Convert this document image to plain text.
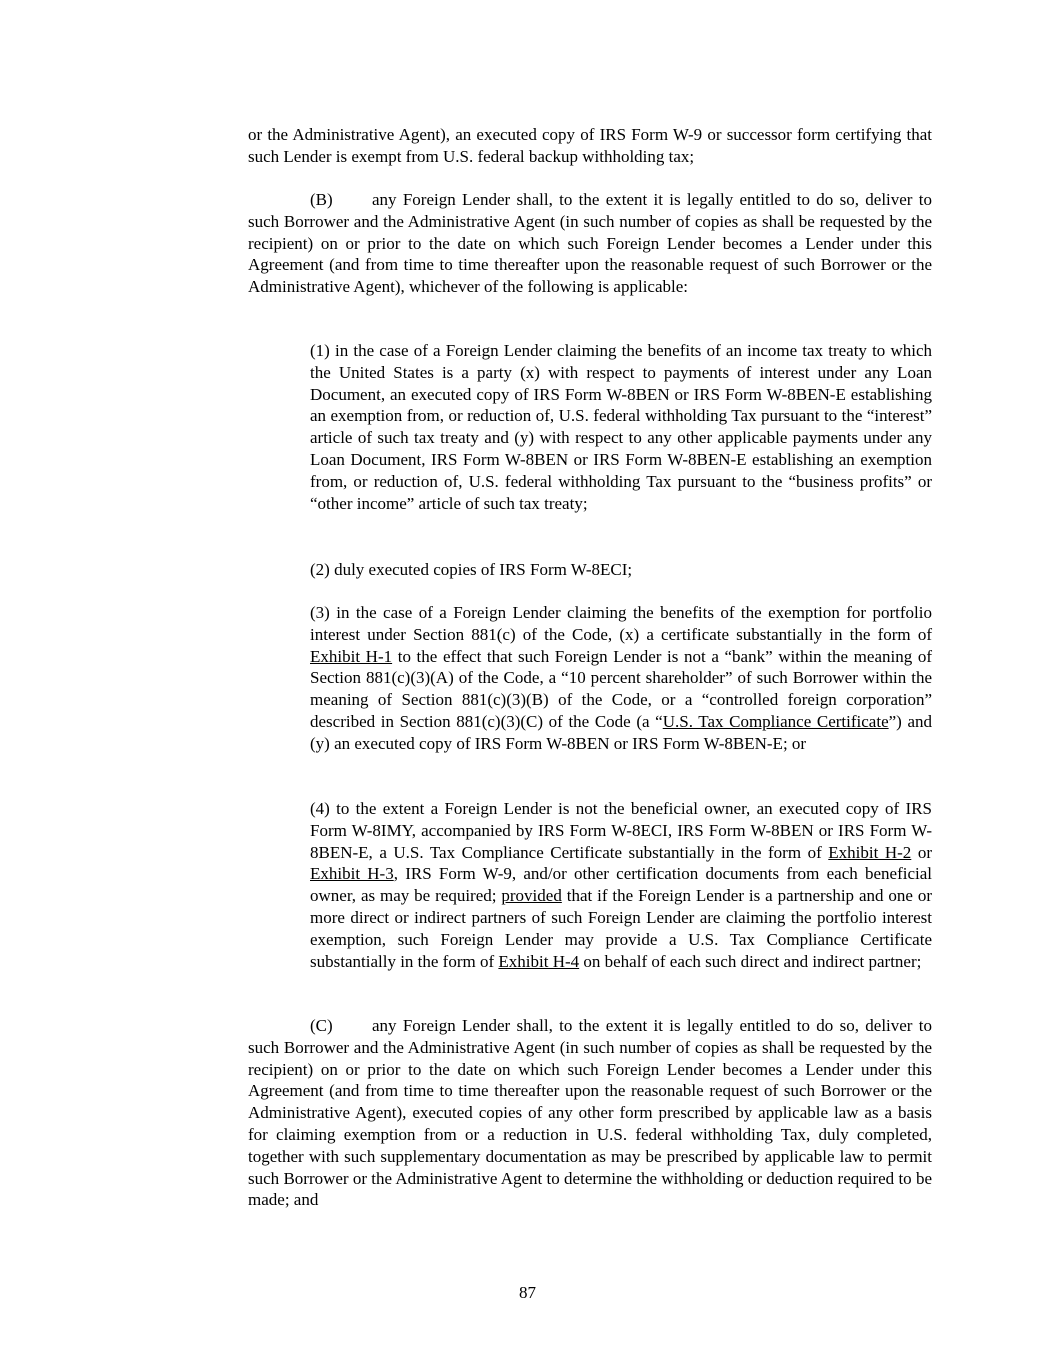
or the Administrative Agent), an executed copy of IRS Form W-9 or successor form certifying that such Lender is exempt from U.S. federal backup withholding tax;

(B) any Foreign Lender shall, to the extent it is legally entitled to do so, deliver to such Borrower and the Administrative Agent (in such number of copies as shall be requested by the recipient) on or prior to the date on which such Foreign Lender becomes a Lender under this Agreement (and from time to time thereafter upon the reasonable request of such Borrower or the Administrative Agent), whichever of the following is applicable:

(1) in the case of a Foreign Lender claiming the benefits of an income tax treaty to which the United States is a party (x) with respect to payments of interest under any Loan Document, an executed copy of IRS Form W-8BEN or IRS Form W-8BEN-E establishing an exemption from, or reduction of, U.S. federal withholding Tax pursuant to the “interest” article of such tax treaty and (y) with respect to any other applicable payments under any Loan Document, IRS Form W-8BEN or IRS Form W-8BEN-E establishing an exemption from, or reduction of, U.S. federal withholding Tax pursuant to the “business profits” or “other income” article of such tax treaty;

(2) duly executed copies of IRS Form W-8ECI;

(3) in the case of a Foreign Lender claiming the benefits of the exemption for portfolio interest under Section 881(c) of the Code, (x) a certificate substantially in the form of Exhibit H-1 to the effect that such Foreign Lender is not a “bank” within the meaning of Section 881(c)(3)(A) of the Code, a “10 percent shareholder” of such Borrower within the meaning of Section 881(c)(3)(B) of the Code, or a “controlled foreign corporation” described in Section 881(c)(3)(C) of the Code (a “U.S. Tax Compliance Certificate”) and (y) an executed copy of IRS Form W-8BEN or IRS Form W-8BEN-E; or

(4) to the extent a Foreign Lender is not the beneficial owner, an executed copy of IRS Form W-8IMY, accompanied by IRS Form W-8ECI, IRS Form W-8BEN or IRS Form W-8BEN-E, a U.S. Tax Compliance Certificate substantially in the form of Exhibit H-2 or Exhibit H-3, IRS Form W-9, and/or other certification documents from each beneficial owner, as may be required; provided that if the Foreign Lender is a partnership and one or more direct or indirect partners of such Foreign Lender are claiming the portfolio interest exemption, such Foreign Lender may provide a U.S. Tax Compliance Certificate substantially in the form of Exhibit H-4 on behalf of each such direct and indirect partner;

(C) any Foreign Lender shall, to the extent it is legally entitled to do so, deliver to such Borrower and the Administrative Agent (in such number of copies as shall be requested by the recipient) on or prior to the date on which such Foreign Lender becomes a Lender under this Agreement (and from time to time thereafter upon the reasonable request of such Borrower or the Administrative Agent), executed copies of any other form prescribed by applicable law as a basis for claiming exemption from or a reduction in U.S. federal withholding Tax, duly completed, together with such supplementary documentation as may be prescribed by applicable law to permit such Borrower or the Administrative Agent to determine the withholding or deduction required to be made; and

87
